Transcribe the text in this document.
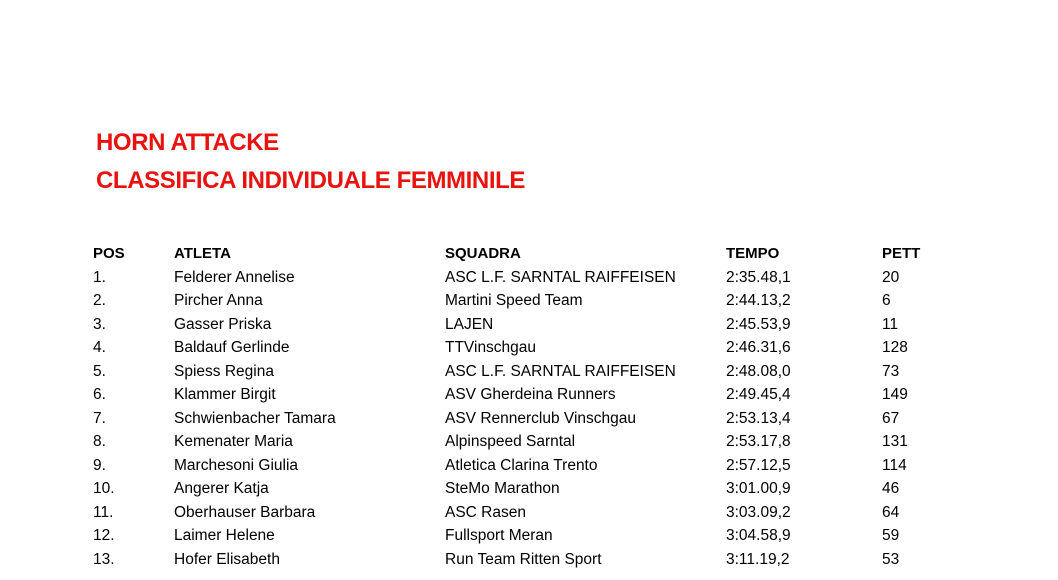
HORN ATTACKE
CLASSIFICA INDIVIDUALE FEMMINILE
POS	ATLETA	SQUADRA	TEMPO	PETT
1.	Felderer Annelise	ASC L.F. SARNTAL RAIFFEISEN	2:35.48,1	20
2.	Pircher Anna	Martini Speed Team	2:44.13,2	6
3.	Gasser Priska	LAJEN	2:45.53,9	11
4.	Baldauf Gerlinde	TTVinschgau	2:46.31,6	128
5.	Spiess Regina	ASC L.F. SARNTAL RAIFFEISEN	2:48.08,0	73
6.	Klammer Birgit	ASV Gherdeina Runners	2:49.45,4	149
7.	Schwienbacher Tamara	ASV Rennerclub Vinschgau	2:53.13,4	67
8.	Kemenater Maria	Alpinspeed Sarntal	2:53.17,8	131
9.	Marchesoni Giulia	Atletica Clarina Trento	2:57.12,5	114
10.	Angerer Katja	SteMo Marathon	3:01.00,9	46
11.	Oberhauser Barbara	ASC Rasen	3:03.09,2	64
12.	Laimer Helene	Fullsport Meran	3:04.58,9	59
13.	Hofer Elisabeth	Run Team Ritten Sport	3:11.19,2	53
